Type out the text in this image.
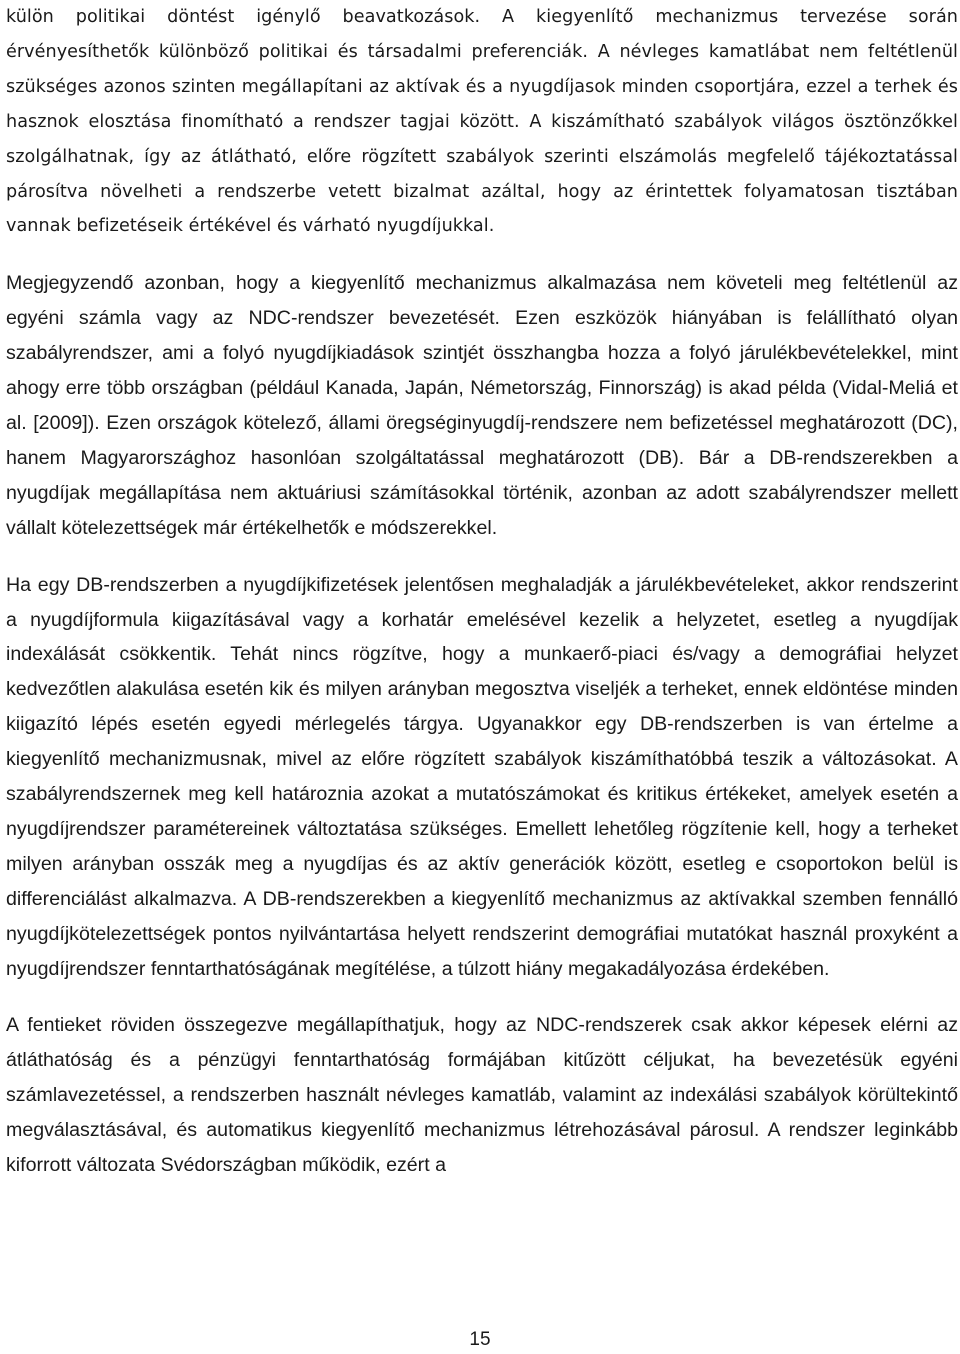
külön politikai döntést igénylő beavatkozások. A kiegyenlítő mechanizmus tervezése során érvényesíthetők különböző politikai és társadalmi preferenciák. A névleges kamatlábat nem feltétlenül szükséges azonos szinten megállapítani az aktívak és a nyugdíjasok minden csoportjára, ezzel a terhek és hasznok elosztása finomítható a rendszer tagjai között. A kiszámítható szabályok világos ösztönzőkkel szolgálhatnak, így az átlátható, előre rögzített szabályok szerinti elszámolás megfelelő tájékoztatással párosítva növelheti a rendszerbe vetett bizalmat azáltal, hogy az érintettek folyamatosan tisztában vannak befizetéseik értékével és várható nyugdíjukkal.

Megjegyzendő azonban, hogy a kiegyenlítő mechanizmus alkalmazása nem követeli meg feltétlenül az egyéni számla vagy az NDC-rendszer bevezetését. Ezen eszközök hiányában is felállítható olyan szabályrendszer, ami a folyó nyugdíjkiadások szintjét összhangba hozza a folyó járulékbevételekkel, mint ahogy erre több országban (például Kanada, Japán, Németország, Finnország) is akad példa (Vidal-Meliá et al. [2009]). Ezen országok kötelező, állami öregséginyugdíj-rendszere nem befizetéssel meghatározott (DC), hanem Magyarországhoz hasonlóan szolgáltatással meghatározott (DB). Bár a DB-rendszerekben a nyugdíjak megállapítása nem aktuáriusi számításokkal történik, azonban az adott szabályrendszer mellett vállalt kötelezettségek már értékelhetők e módszerekkel.

Ha egy DB-rendszerben a nyugdíjkifizetések jelentősen meghaladják a járulékbevételeket, akkor rendszerint a nyugdíjformula kiigazításával vagy a korhatár emelésével kezelik a helyzetet, esetleg a nyugdíjak indexálását csökkentik. Tehát nincs rögzítve, hogy a munkaerő-piaci és/vagy a demográfiai helyzet kedvezőtlen alakulása esetén kik és milyen arányban megosztva viseljék a terheket, ennek eldöntése minden kiigazító lépés esetén egyedi mérlegelés tárgya. Ugyanakkor egy DB-rendszerben is van értelme a kiegyenlítő mechanizmusnak, mivel az előre rögzített szabályok kiszámíthatóbbá teszik a változásokat. A szabályrendszernek meg kell határoznia azokat a mutatószámokat és kritikus értékeket, amelyek esetén a nyugdíjrendszer paramétereinek változtatása szükséges. Emellett lehetőleg rögzítenie kell, hogy a terheket milyen arányban osszák meg a nyugdíjas és az aktív generációk között, esetleg e csoportokon belül is differenciálást alkalmazva. A DB-rendszerekben a kiegyenlítő mechanizmus az aktívakkal szemben fennálló nyugdíjkötelezettségek pontos nyilvántartása helyett rendszerint demográfiai mutatókat használ proxyként a nyugdíjrendszer fenntarthatóságának megítélése, a túlzott hiány megakadályozása érdekében.

A fentieket röviden összegezve megállapíthatjuk, hogy az NDC-rendszerek csak akkor képesek elérni az átláthatóság és a pénzügyi fenntarthatóság formájában kitűzött céljukat, ha bevezetésük egyéni számlavezetéssel, a rendszerben használt névleges kamatláb, valamint az indexálási szabályok körültekintő megválasztásával, és automatikus kiegyenlítő mechanizmus létrehozásával párosul. A rendszer leginkább kiforrott változata Svédországban működik, ezért a

15
